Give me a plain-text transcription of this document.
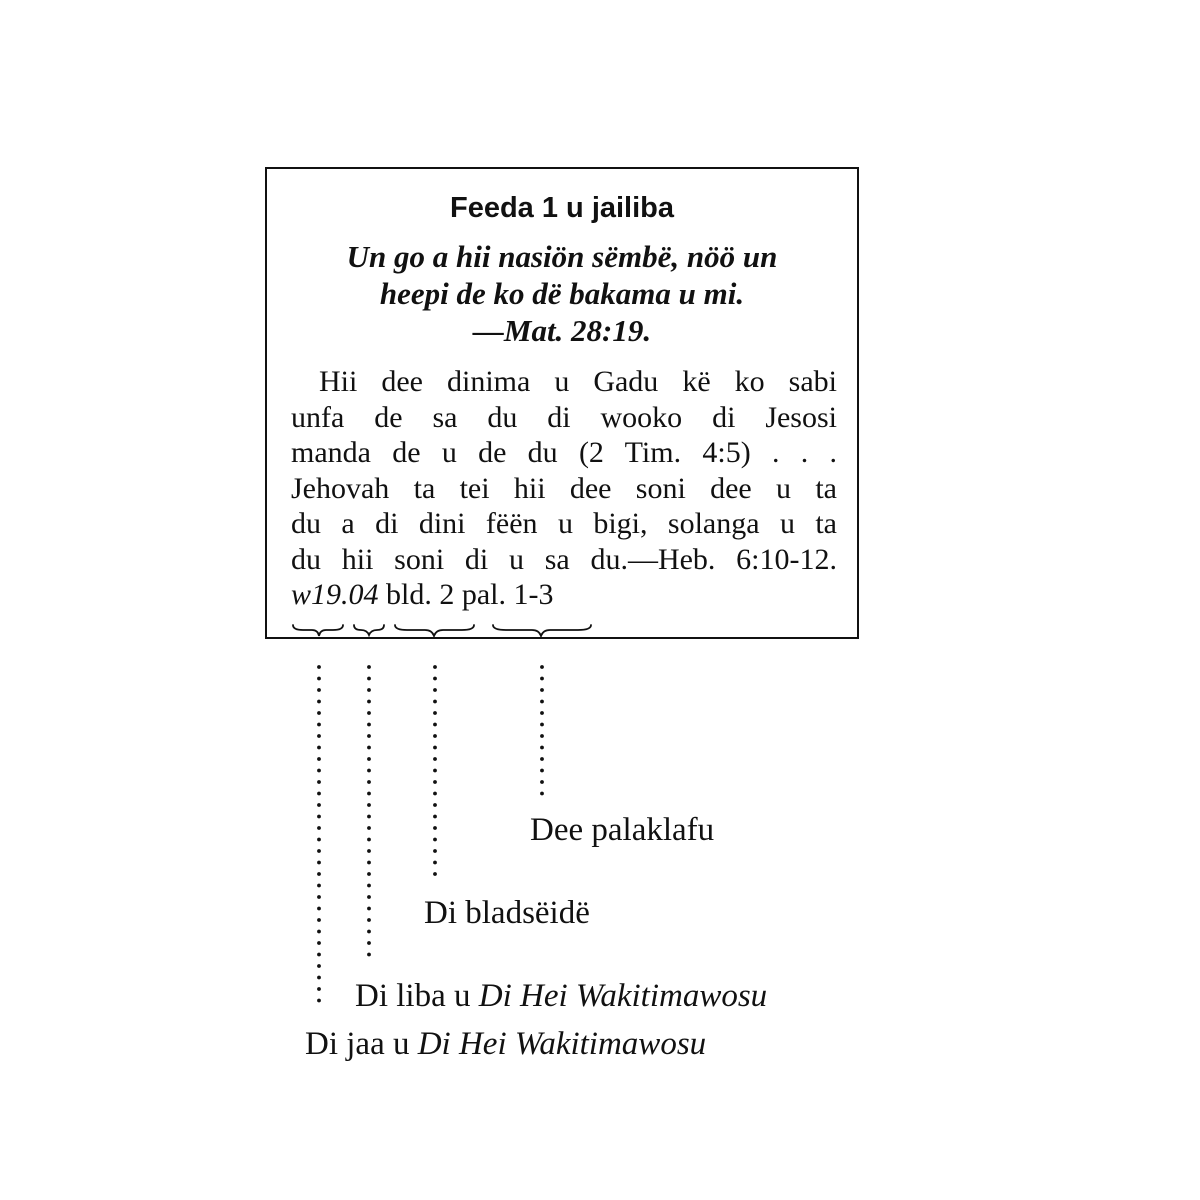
Feeda 1 u jailiba
Un go a hii nasiön sëmbë, nöö un
heepi de ko dë bakama u mi.
—Mat. 28:19.
Hii dee dinima u Gadu kë ko sabi
unfa de sa du di wooko di Jesosi
manda de u de du (2 Tim. 4:5) . . .
Jehovah ta tei hii dee soni dee u ta
du a di dini fëën u bigi, solanga u ta
du hii soni di u sa du.—Heb. 6:10-12.
w19.04 bld. 2 pal. 1-3
Dee palaklafu
Di bladsëidë
Di liba u Di Hei Wakitimawosu
Di jaa u Di Hei Wakitimawosu
